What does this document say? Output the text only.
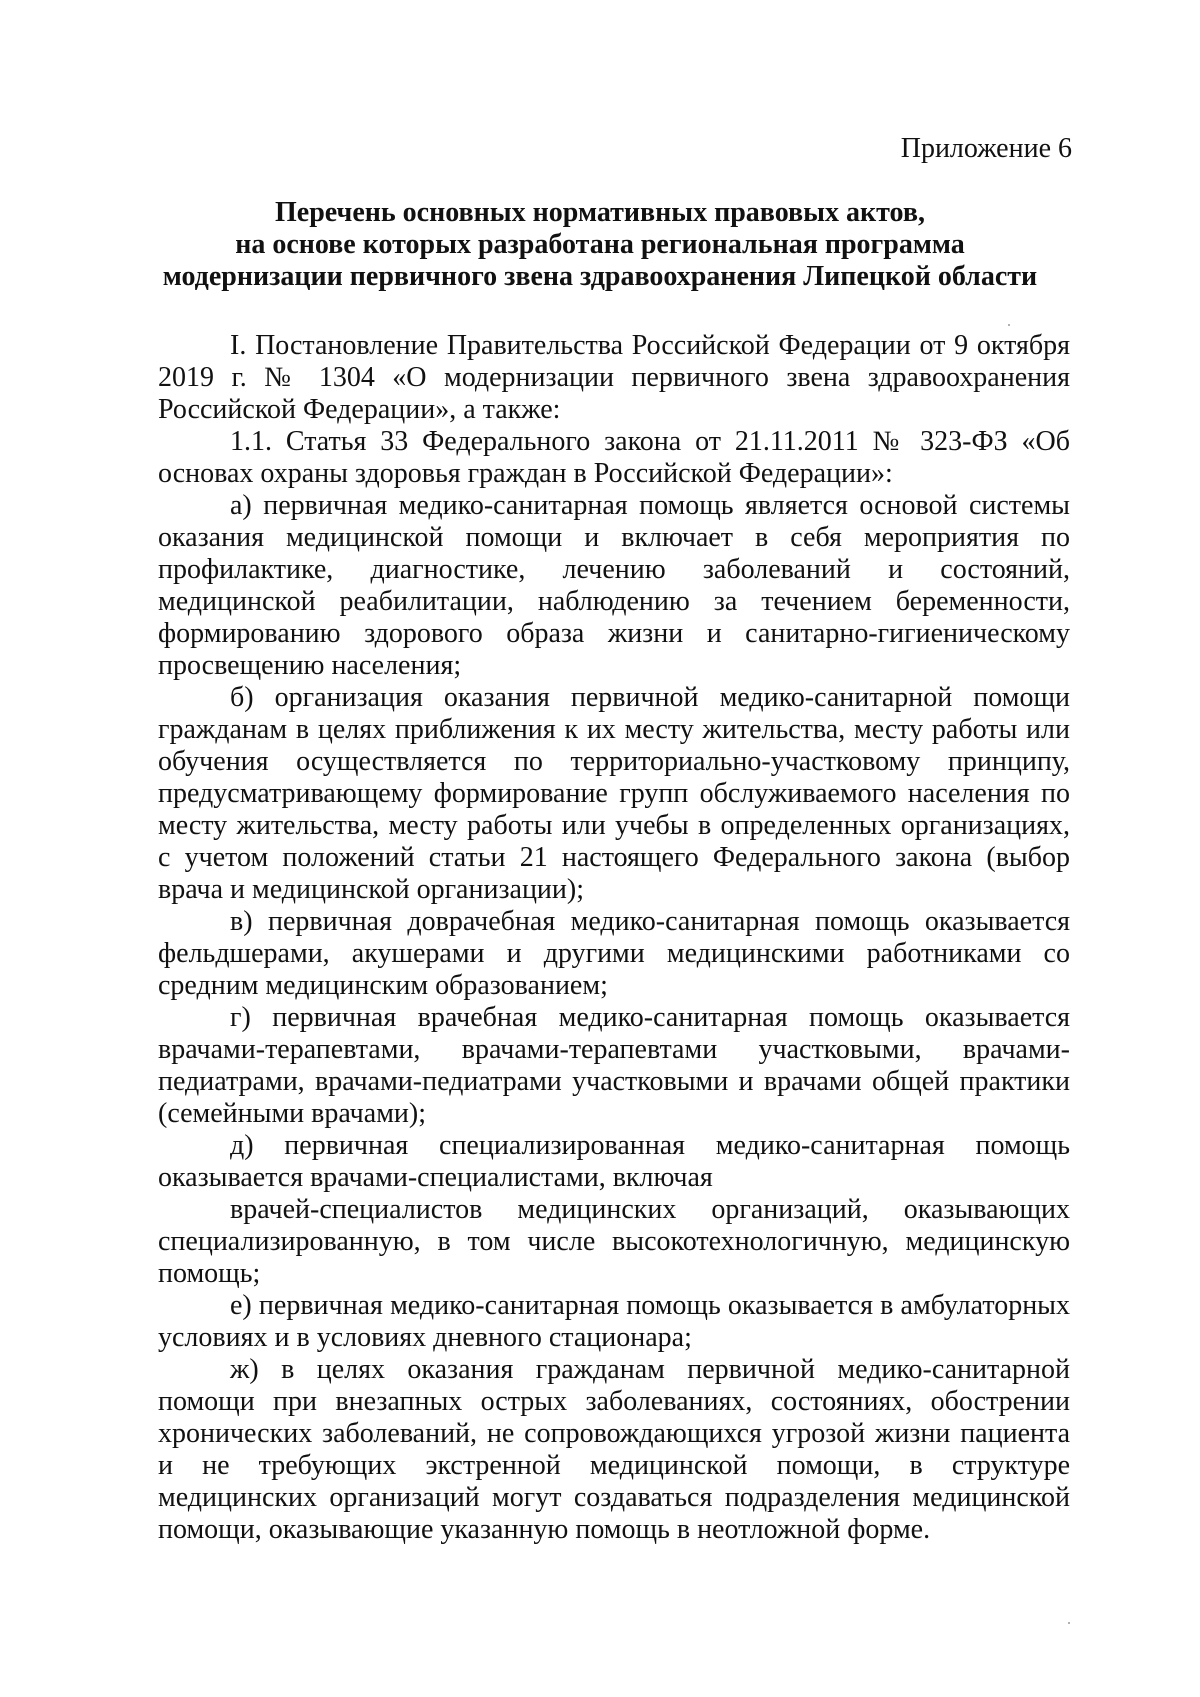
Приложение 6
Перечень основных нормативных правовых актов,
на основе которых разработана региональная программа
модернизации первичного звена здравоохранения Липецкой области

I. Постановление Правительства Российской Федерации от 9 октября 2019 г. № 1304 «О модернизации первичного звена здравоохранения Российской Федерации», а также:

1.1. Статья 33 Федерального закона от 21.11.2011 № 323-ФЗ «Об основах охраны здоровья граждан в Российской Федерации»:

а) первичная медико-санитарная помощь является основой системы оказания медицинской помощи и включает в себя мероприятия по профилактике, диагностике, лечению заболеваний и состояний, медицинской реабилитации, наблюдению за течением беременности, формированию здорового образа жизни и санитарно-гигиеническому просвещению населения;

б) организация оказания первичной медико-санитарной помощи гражданам в целях приближения к их месту жительства, месту работы или обучения осуществляется по территориально-участковому принципу, предусматривающему формирование групп обслуживаемого населения по месту жительства, месту работы или учебы в определенных организациях, с учетом положений статьи 21 настоящего Федерального закона (выбор врача и медицинской организации);

в) первичная доврачебная медико-санитарная помощь оказывается фельдшерами, акушерами и другими медицинскими работниками со средним медицинским образованием;

г) первичная врачебная медико-санитарная помощь оказывается врачами-терапевтами, врачами-терапевтами участковыми, врачами-педиатрами, врачами-педиатрами участковыми и врачами общей практики (семейными врачами);

д) первичная специализированная медико-санитарная помощь оказывается врачами-специалистами, включая

врачей-специалистов медицинских организаций, оказывающих специализированную, в том числе высокотехнологичную, медицинскую помощь;

е) первичная медико-санитарная помощь оказывается в амбулаторных условиях и в условиях дневного стационара;

ж) в целях оказания гражданам первичной медико-санитарной помощи при внезапных острых заболеваниях, состояниях, обострении хронических заболеваний, не сопровождающихся угрозой жизни пациента и не требующих экстренной медицинской помощи, в структуре медицинских организаций могут создаваться подразделения медицинской помощи, оказывающие указанную помощь в неотложной форме.
